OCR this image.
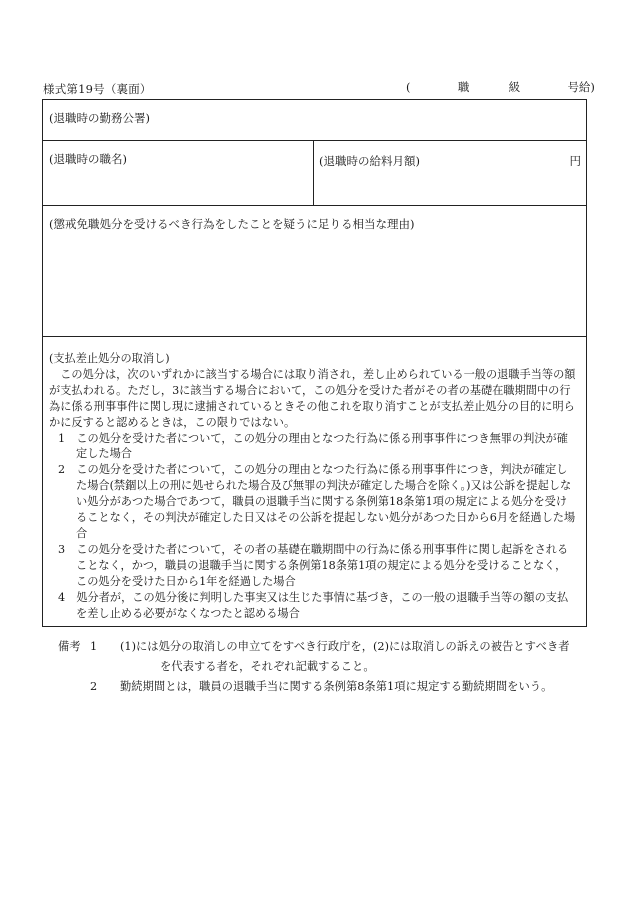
様式第19号（裏面）
(退職時の勤務公署)
(退職時の職名)	(退職時の給料月額)	円
(懲戒免職処分を受けるべき行為をしたことを疑うに足りる相当な理由)

(支払差止処分の取消し)

この処分は，次のいずれかに該当する場合には取り消され，差し止められている一般の退職手当等の額が支払われる。ただし，3に該当する場合において，この処分を受けた者がその者の基礎在職期間中の行為に係る刑事事件に関し現に逮捕されているときその他これを取り消すことが支払差止処分の目的に明らかに反すると認めるときは，この限りではない。

1　 この処分を受けた者について，この処分の理由となつた行為に係る刑事事件につき無罪の判決が確定した場合

2　 この処分を受けた者について，この処分の理由となつた行為に係る刑事事件につき，判決が確定した場合(禁錮以上の刑に処せられた場合及び無罪の判決が確定した場合を除く。)又は公訴を提起しない処分があつた場合であつて，職員の退職手当に関する条例第18条第1項の規定による処分を受けることなく，その判決が確定した日又はその公訴を提起しない処分があつた日から6月を経過した場合

3　 この処分を受けた者について，その者の基礎在職期間中の行為に係る刑事事件に関し起訴をされることなく，かつ，職員の退職手当に関する条例第18条第1項の規定による処分を受けることなく，この処分を受けた日から1年を経過した場合

4　 処分者が，この処分後に判明した事実又は生じた事情に基づき，この一般の退職手当等の額の支払を差し止める必要がなくなつたと認める場合

(	職	級	号給)
備考 1 (1)には処分の取消しの申立てをすべき行政庁を，(2)には取消しの訴えの被告とすべき者
を代表する者を，それぞれ記載すること。
2 勤続期間とは，職員の退職手当に関する条例第8条第1項に規定する勤続期間をいう。
